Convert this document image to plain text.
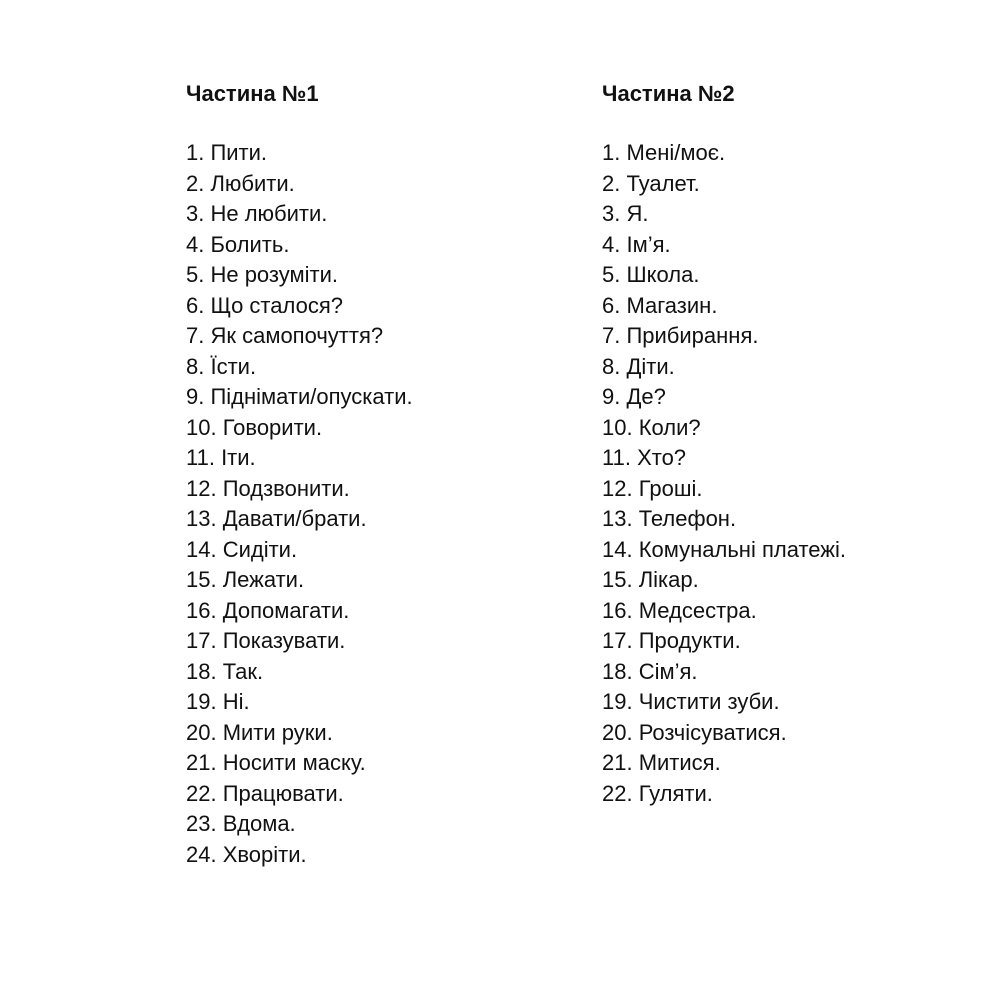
Частина №1
1. Пити.
2. Любити.
3. Не любити.
4. Болить.
5. Не розуміти.
6. Що сталося?
7. Як самопочуття?
8. Їсти.
9. Піднімати/опускати.
10. Говорити.
11. Іти.
12. Подзвонити.
13. Давати/брати.
14. Сидіти.
15. Лежати.
16. Допомагати.
17. Показувати.
18. Так.
19. Ні.
20. Мити руки.
21. Носити маску.
22. Працювати.
23. Вдома.
24. Хворіти.
Частина №2
1. Мені/моє.
2. Туалет.
3. Я.
4. Ім’я.
5. Школа.
6. Магазин.
7. Прибирання.
8. Діти.
9. Де?
10. Коли?
11. Хто?
12. Гроші.
13. Телефон.
14. Комунальні платежі.
15. Лікар.
16. Медсестра.
17. Продукти.
18. Сім’я.
19. Чистити зуби.
20. Розчісуватися.
21. Митися.
22. Гуляти.
